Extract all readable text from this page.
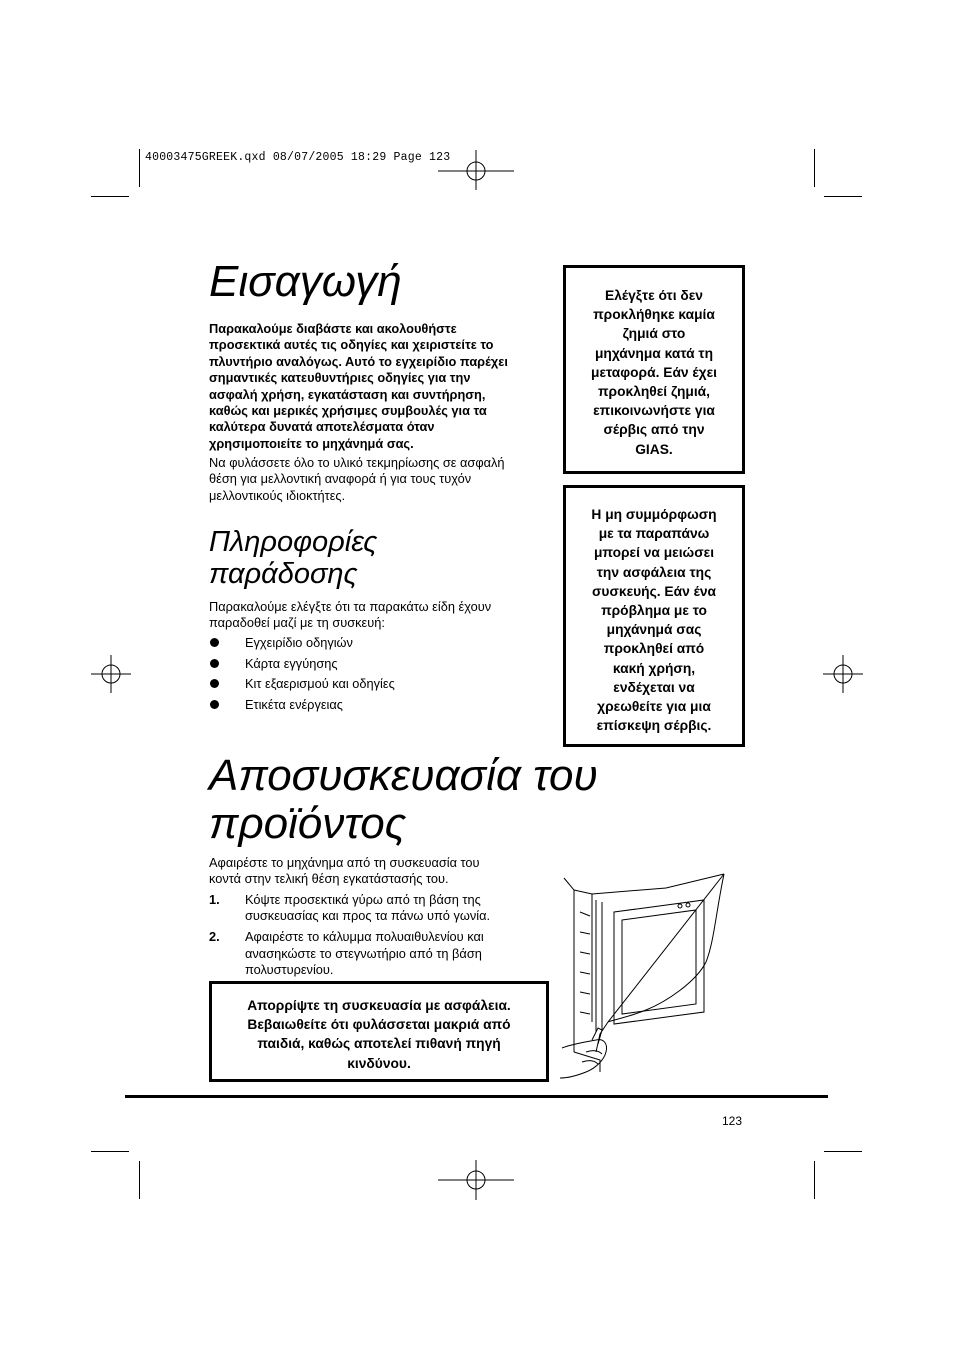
40003475GREEK.qxd 08/07/2005 18:29 Page 123
Εισαγωγή
Παρακαλούμε διαβάστε και ακολουθήστε
προσεκτικά αυτές τις οδηγίες και χειριστείτε το
πλυντήριο αναλόγως. Αυτό το εγχειρίδιο παρέχει
σημαντικές κατευθυντήριες οδηγίες για την
ασφαλή χρήση, εγκατάσταση και συντήρηση,
καθώς και μερικές χρήσιμες συμβουλές για τα
καλύτερα δυνατά αποτελέσματα όταν
χρησιμοποιείτε το μηχάνημά σας.
Να φυλάσσετε όλο το υλικό τεκμηρίωσης σε ασφαλή
θέση για μελλοντική αναφορά ή για τους τυχόν
μελλοντικούς ιδιοκτήτες.
Πληροφορίες
παράδοσης
Παρακαλούμε ελέγξτε ότι τα παρακάτω είδη έχουν
παραδοθεί μαζί με τη συσκευή:
Εγχειρίδιο οδηγιών
Κάρτα εγγύησης
Κιτ εξαερισμού και οδηγίες
Ετικέτα ενέργειας
Ελέγξτε ότι δεν
προκλήθηκε καμία
ζημιά στο
μηχάνημα κατά τη
μεταφορά. Εάν έχει
προκληθεί ζημιά,
επικοινωνήστε για
σέρβις από την
GIAS.
Η μη συμμόρφωση
με τα παραπάνω
μπορεί να μειώσει
την ασφάλεια της
συσκευής. Εάν ένα
πρόβλημα με το
μηχάνημά σας
προκληθεί από
κακή χρήση,
ενδέχεται να
χρεωθείτε για μια
επίσκεψη σέρβις.
Αποσυσκευασία του
προϊόντος
Αφαιρέστε το μηχάνημα από τη συσκευασία του
κοντά στην τελική θέση εγκατάστασής του.
1. Κόψτε προσεκτικά γύρω από τη βάση της
συσκευασίας και προς τα πάνω υπό γωνία.
2. Αφαιρέστε το κάλυμμα πολυαιθυλενίου και
ανασηκώστε το στεγνωτήριο από τη βάση
πολυστυρενίου.
Απορρίψτε τη συσκευασία με ασφάλεια.
Βεβαιωθείτε ότι φυλάσσεται μακριά από
παιδιά, καθώς αποτελεί πιθανή πηγή
κινδύνου.
123
